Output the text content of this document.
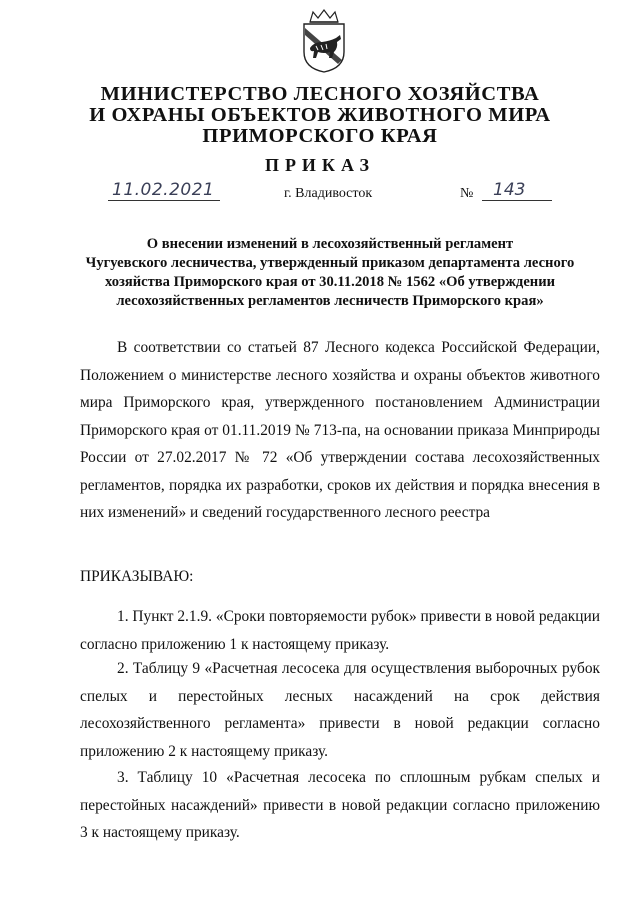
МИНИСТЕРСТВО ЛЕСНОГО ХОЗЯЙСТВА
И ОХРАНЫ ОБЪЕКТОВ ЖИВОТНОГО МИРА
ПРИМОРСКОГО КРАЯ
ПРИКАЗ
11.02.2021	г. Владивосток	№ 143
О внесении изменений в лесохозяйственный регламент
Чугуевского лесничества, утвержденный приказом департамента лесного
хозяйства Приморского края от 30.11.2018 № 1562 «Об утверждении
лесохозяйственных регламентов лесничеств Приморского края»
В соответствии со статьей 87 Лесного кодекса Российской Федерации, Положением о министерстве лесного хозяйства и охраны объектов животного мира Приморского края, утвержденного постановлением Администрации Приморского края от 01.11.2019 № 713-па, на основании приказа Минприроды России от 27.02.2017 № 72 «Об утверждении состава лесохозяйственных регламентов, порядка их разработки, сроков их действия и порядка внесения в них изменений» и сведений государственного лесного реестра
ПРИКАЗЫВАЮ:
1. Пункт 2.1.9. «Сроки повторяемости рубок» привести в новой редакции согласно приложению 1 к настоящему приказу.
2. Таблицу 9 «Расчетная лесосека для осуществления выборочных рубок спелых и перестойных лесных насаждений на срок действия лесохозяйственного регламента» привести в новой редакции согласно приложению 2 к настоящему приказу.
3. Таблицу 10 «Расчетная лесосека по сплошным рубкам спелых и перестойных насаждений» привести в новой редакции согласно приложению 3 к настоящему приказу.
